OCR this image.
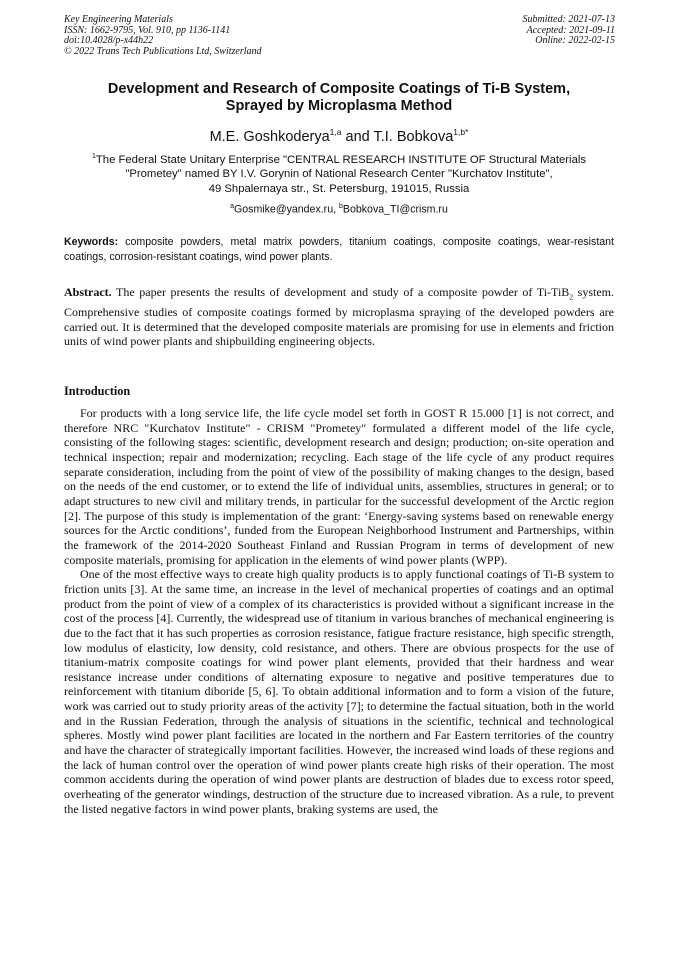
Key Engineering Materials
ISSN: 1662-9795, Vol. 910, pp 1136-1141
doi:10.4028/p-x44h22
© 2022 Trans Tech Publications Ltd, Switzerland
Submitted: 2021-07-13
Accepted: 2021-09-11
Online: 2022-02-15
Development and Research of Composite Coatings of Ti-B System,
Sprayed by Microplasma Method
M.E. Goshkoderya$^{1,a}$ and T.I. Bobkova$^{1,b*}$
$^1$The Federal State Unitary Enterprise "CENTRAL RESEARCH INSTITUTE OF Structural Materials
"Prometey" named BY I.V. Gorynin of National Research Center "Kurchatov Institute",
49 Shpalernaya str., St. Petersburg, 191015, Russia
$^a$Gosmike@yandex.ru, $^b$Bobkova_TI@crism.ru
Keywords: composite powders, metal matrix powders, titanium coatings, composite coatings, wear-resistant coatings, corrosion-resistant coatings, wind power plants.
Abstract. The paper presents the results of development and study of a composite powder of Ti-TiB$_2$ system. Comprehensive studies of composite coatings formed by microplasma spraying of the developed powders are carried out. It is determined that the developed composite materials are promising for use in elements and friction units of wind power plants and shipbuilding engineering objects.
Introduction

For products with a long service life, the life cycle model set forth in GOST R 15.000 [1] is not correct, and therefore NRC "Kurchatov Institute" - CRISM "Prometey" formulated a different model of the life cycle, consisting of the following stages: scientific, development research and design; production; on-site operation and technical inspection; repair and modernization; recycling. Each stage of the life cycle of any product requires separate consideration, including from the point of view of the possibility of making changes to the design, based on the needs of the end customer, or to extend the life of individual units, assemblies, structures in general; or to adapt structures to new civil and military trends, in particular for the successful development of the Arctic region [2]. The purpose of this study is implementation of the grant: ‘Energy-saving systems based on renewable energy sources for the Arctic conditions’, funded from the European Neighborhood Instrument and Partnerships, within the framework of the 2014-2020 Southeast Finland and Russian Program in terms of development of new composite materials, promising for application in the elements of wind power plants (WPP).

One of the most effective ways to create high quality products is to apply functional coatings of Ti-B system to friction units [3]. At the same time, an increase in the level of mechanical properties of coatings and an optimal product from the point of view of a complex of its characteristics is provided without a significant increase in the cost of the process [4]. Currently, the widespread use of titanium in various branches of mechanical engineering is due to the fact that it has such properties as corrosion resistance, fatigue fracture resistance, high specific strength, low modulus of elasticity, low density, cold resistance, and others. There are obvious prospects for the use of titanium-matrix composite coatings for wind power plant elements, provided that their hardness and wear resistance increase under conditions of alternating exposure to negative and positive temperatures due to reinforcement with titanium diboride [5, 6]. To obtain additional information and to form a vision of the future, work was carried out to study priority areas of the activity [7]; to determine the factual situation, both in the world and in the Russian Federation, through the analysis of situations in the scientific, technical and technological spheres. Mostly wind power plant facilities are located in the northern and Far Eastern territories of the country and have the character of strategically important facilities. However, the increased wind loads of these regions and the lack of human control over the operation of wind power plants create high risks of their operation. The most common accidents during the operation of wind power plants are destruction of blades due to excess rotor speed, overheating of the generator windings, destruction of the structure due to increased vibration. As a rule, to prevent the listed negative factors in wind power plants, braking systems are used, the
